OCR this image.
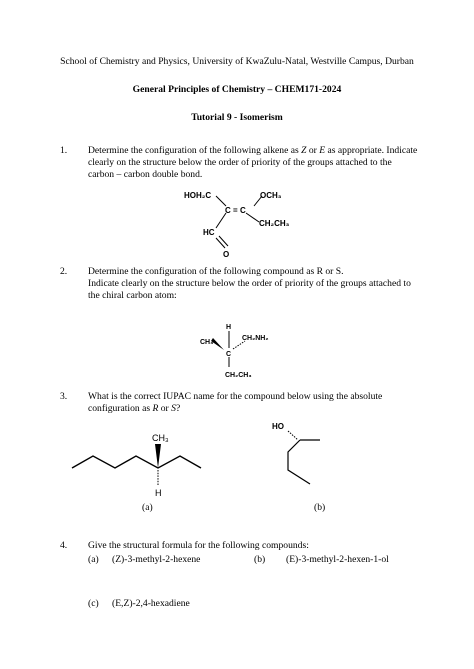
School of Chemistry and Physics, University of KwaZulu-Natal, Westville Campus, Durban
General Principles of Chemistry – CHEM171-2024
Tutorial 9 - Isomerism
1. Determine the configuration of the following alkene as Z or E as appropriate. Indicate
clearly on the structure below the order of priority of the groups attached to the
carbon – carbon double bond.
HOH₂C	OCH₃
C = C
CH₂CH₃
HC
O
2. Determine the configuration of the following compound as R or S.
Indicate clearly on the structure below the order of priority of the groups attached to
the chiral carbon atom:
H
CH₃
C
CH₂NH₂
CH₂CH₃
3. What is the correct IUPAC name for the compound below using the absolute
configuration as R or S?
CH₃
H
(a)
HO
(b)
4. Give the structural formula for the following compounds:
(a) (Z)-3-methyl-2-hexene	(b) (E)-3-methyl-2-hexen-1-ol
(c) (E,Z)-2,4-hexadiene
